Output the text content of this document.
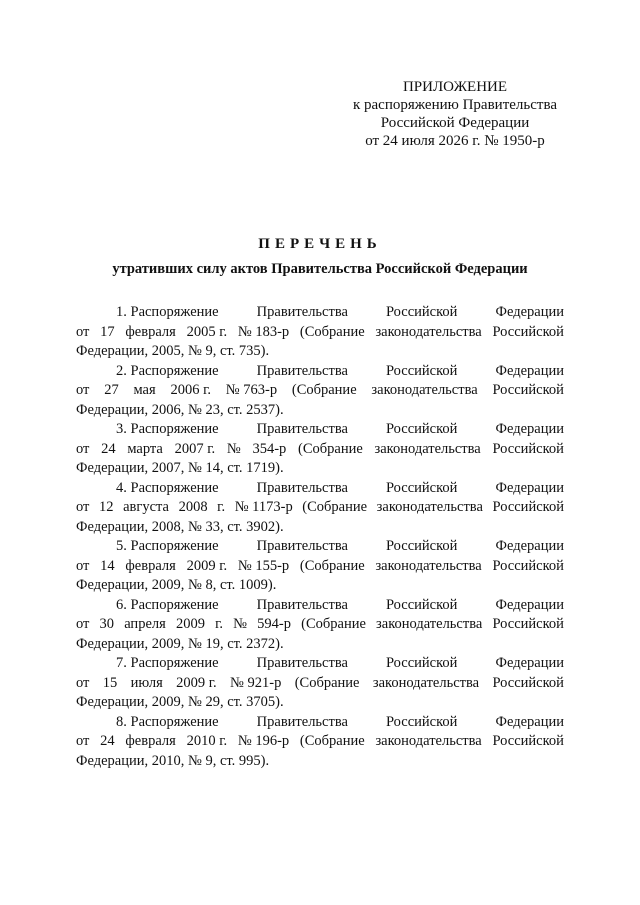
ПРИЛОЖЕНИЕ
к распоряжению Правительства
Российской Федерации
от 24 июля 2026 г. № 1950-р
ПЕРЕЧЕНЬ
утративших силу актов Правительства Российской Федерации
1. Распоряжение	Правительства	Российской	Федерации
от 17 февраля 2005 г. № 183-р (Собрание законодательства Российской
Федерации, 2005, № 9, ст. 735).
2. Распоряжение	Правительства	Российской	Федерации
от 27 мая 2006 г. № 763-р (Собрание законодательства Российской
Федерации, 2006, № 23, ст. 2537).
3. Распоряжение	Правительства	Российской	Федерации
от 24 марта 2007 г. № 354-р (Собрание законодательства Российской
Федерации, 2007, № 14, ст. 1719).
4. Распоряжение	Правительства	Российской	Федерации
от 12 августа 2008 г. № 1173-р (Собрание законодательства Российской
Федерации, 2008, № 33, ст. 3902).
5. Распоряжение	Правительства	Российской	Федерации
от 14 февраля 2009 г. № 155-р (Собрание законодательства Российской
Федерации, 2009, № 8, ст. 1009).
6. Распоряжение	Правительства	Российской	Федерации
от 30 апреля 2009 г. № 594-р (Собрание законодательства Российской
Федерации, 2009, № 19, ст. 2372).
7. Распоряжение	Правительства	Российской	Федерации
от 15 июля 2009 г. № 921-р (Собрание законодательства Российской
Федерации, 2009, № 29, ст. 3705).
8. Распоряжение	Правительства	Российской	Федерации
от 24 февраля 2010 г. № 196-р (Собрание законодательства Российской
Федерации, 2010, № 9, ст. 995).
